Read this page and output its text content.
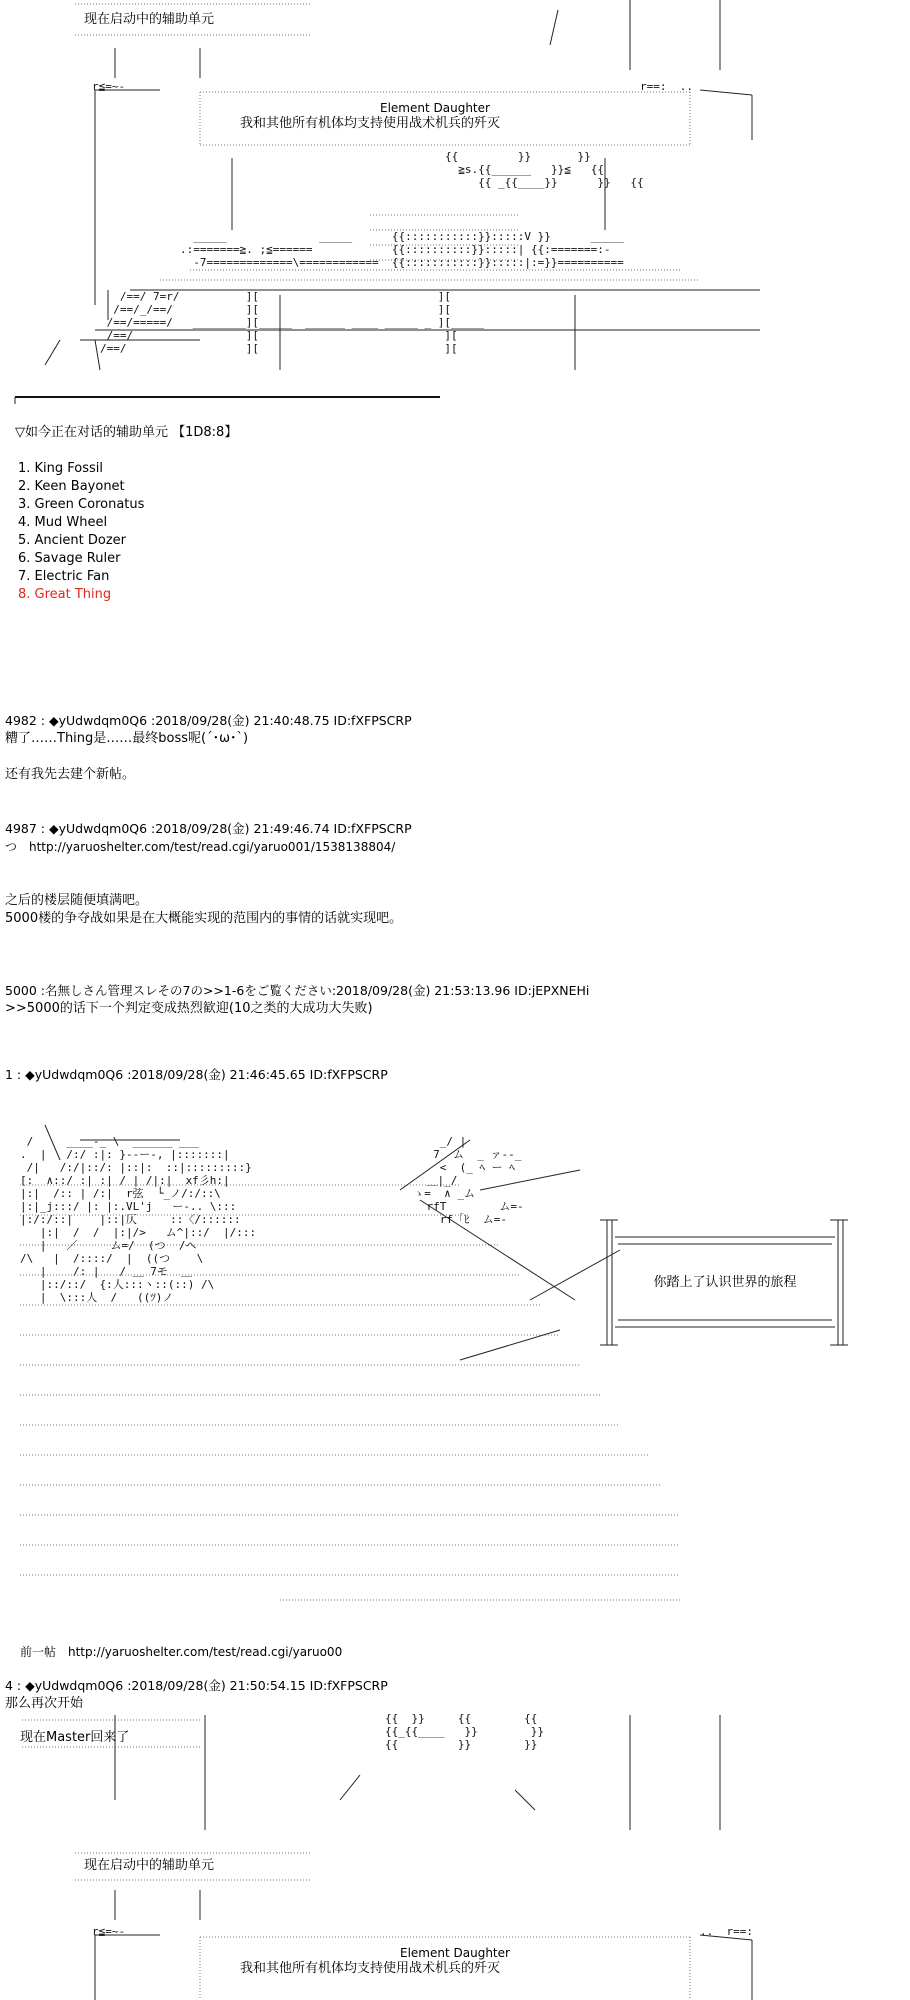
{{         }}       }}
≧s.{{______   }}≦   {{
{{ _{{____}}      }}   {{

_____              _____      {{:::::::::::}}:::::V }}      _____
.:=======≧. ;≦======            {{::::::::::}}:::::| {{:=======:-
-7=============\============  {{:::::::::::}}:::::|:=}}==========
/==/ 7=r/          ][                           ][
/==/_/==/           ][                           ][
/==/=====/   ________][_____  ______ ____ _____ _ ][_____
/==/                 ][                            ][
/==/                  ][                            ][
r==:  ..
r≦=~-
现在启动中的辅助单元
Element Daughter
我和其他所有机体均支持使用战术机兵的歼灭
▽如今正在对话的辅助单元 【1D8:8】
1. King Fossil
2. Keen Bayonet
3. Green Coronatus
4. Mud Wheel
5. Ancient Dozer
6. Savage Ruler
7. Electric Fan
8. Great Thing
4982 : ◆yUdwdqm0Q6 :2018/09/28(金) 21:40:48.75 ID:fXFPSCRP
糟了……Thing是……最终boss呢(´･ω･`)
还有我先去建个新帖。
4987 : ◆yUdwdqm0Q6 :2018/09/28(金) 21:49:46.74 ID:fXFPSCRP
つ　http://yaruoshelter.com/test/read.cgi/yaruo001/1538138804/
之后的楼层随便填满吧。
5000楼的争夺战如果是在大概能实现的范围内的事情的话就实现吧。
5000 :名無しさん管理スレその7の>>1-6をご覧ください:2018/09/28(金) 21:53:13.96 ID:jEPXNEHi
>>5000的话下一个判定变成热烈歓迎(10之类的大成功大失败)
1 : ◆yUdwdqm0Q6 :2018/09/28(金) 21:46:45.65 ID:fXFPSCRP
/     ____-_ \  ______ ___
.  |   /:/ :|: }-‐ー-, |:::::::|
/|   /:/|::/: |::|:  ::|:::::::::}
[:  ∧::/ :| :| / | /|:|  xf彡h:|
|:|  /:: | /:|  r弦  └_ノ/:/::\
|:|_j:::/ |: |:.VL'j   ー-.. \:::
|:/:/::|    |::|仄     ::〈/::::::
|:|  /  /  |:|/>   ム^|::/  |/:::
|   ／     ム=/  (つ  /ヘ
/\   |  /::::/  |  ((つ    \
|    /: |   / ＿ 7モ  ＿
|::/::/  {:人:::ヽ::(::) /\
|  \:::人  /   ((ﾂ)ノ
_/ |
7  ム  _ ァ‐-_
<  (_ ﾍ ー ﾍ
＿|_/
ゝ=  ∧ _ム
rfT        ム=-
rf「ﾋ  ム=-
你踏上了认识世界的旅程
前一帖　http://yaruoshelter.com/test/read.cgi/yaruo00
4 : ◆yUdwdqm0Q6 :2018/09/28(金) 21:50:54.15 ID:fXFPSCRP
那么再次开始
{{  }}     {{        {{
{{_{{____   }}        }}
{{         }}        }}
现在Master回来了
现在启动中的辅助单元
Element Daughter
我和其他所有机体均支持使用战术机兵的歼灭
r≦=~-	..  r==:
